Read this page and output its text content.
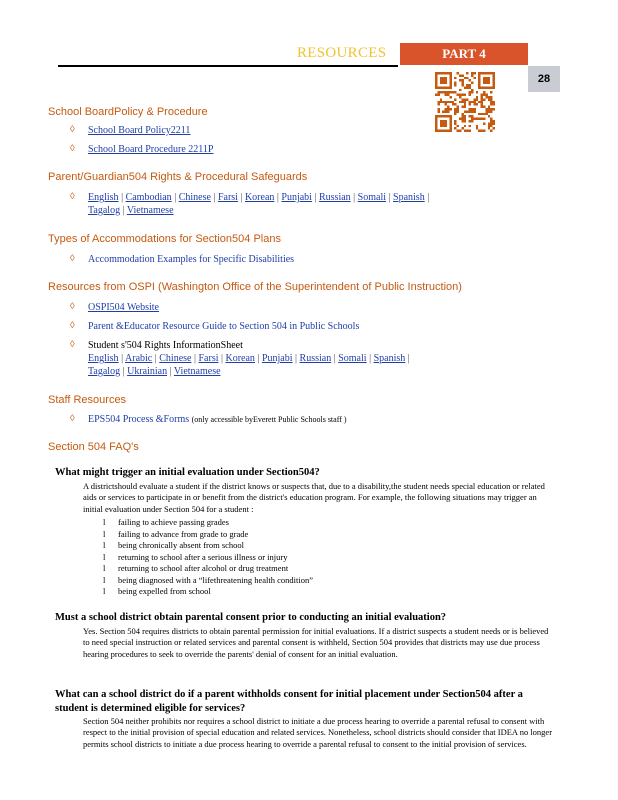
RESOURCES	PART 4
28
School BoardPolicy & Procedure
◊ School Board Policy2211
◊ School Board Procedure 2211P
Parent/Guardian504 Rights & Procedural Safeguards
◊ English | Cambodian | Chinese | Farsi | Korean | Punjabi | Russian | Somali | Spanish |
Tagalog | Vietnamese
Types of Accommodations for Section504 Plans
◊ Accommodation Examples for Specific Disabilities
Resources from OSPI (Washington Office of the Superintendent of Public Instruction)
◊ OSPI504 Website
◊ Parent &Educator Resource Guide to Section 504 in Public Schools
◊ Student s'504 Rights InformationSheet
English | Arabic | Chinese | Farsi | Korean | Punjabi | Russian | Somali | Spanish |
Tagalog | Ukrainian | Vietnamese
Staff Resources
◊ EPS504 Process &Forms (only accessible byEverett Public Schools staff )
Section 504 FAQ's
What might trigger an initial evaluation under Section504?
A districtshould evaluate a student if the district knows or suspects that, due to a disability,the student needs special education or related aids or services to participate in or benefit from the district's education program. For example, the following situations may trigger an initial evaluation under Section 504 for a student :
l failing to achieve passing grades
l failing to advance from grade to grade
l being chronically absent from school
l returning to school after a serious illness or injury
l returning to school after alcohol or drug treatment
l being diagnosed with a “lifethreatening health condition”
l being expelled from school
Must a school district obtain parental consent prior to conducting an initial evaluation?
Yes. Section 504 requires districts to obtain parental permission for initial evaluations. If a district suspects a student needs or is believed to need special instruction or related services and parental consent is withheld, Section 504 provides that districts may use due process hearing procedures to seek to override the parents' denial of consent for an initial evaluation.
What can a school district do if a parent withholds consent for initial placement under Section504 after a
student is determined eligible for services?
Section 504 neither prohibits nor requires a school district to initiate a due process hearing to override a parental refusal to consent with respect to the initial provision of special education and related services. Nonetheless, school districts should consider that IDEA no longer permits school districts to initiate a due process hearing to override a parental refusal to consent to the initial provision of services.
